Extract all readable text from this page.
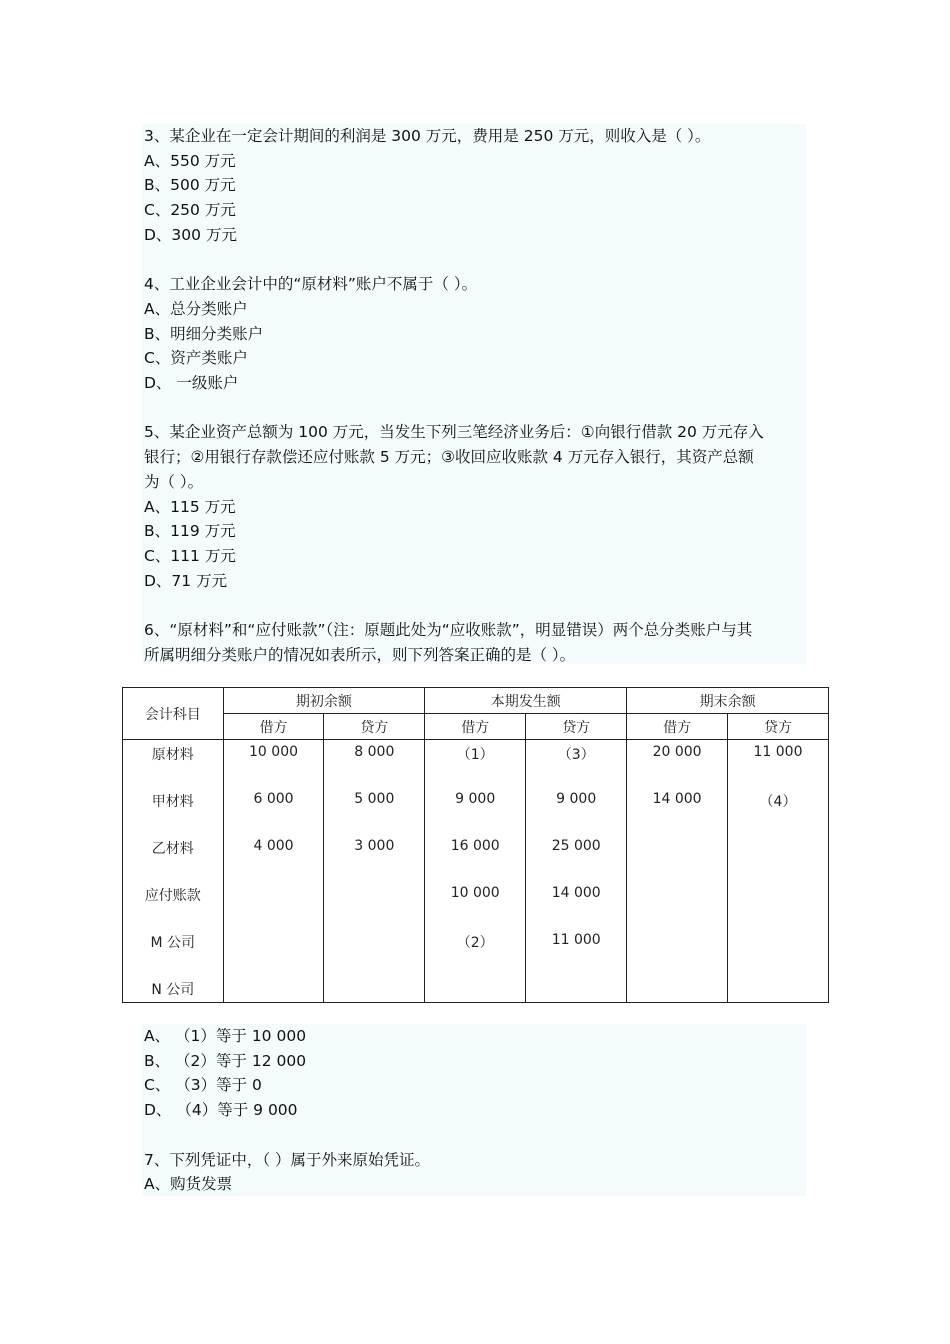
3、某企业在一定会计期间的利润是 300 万元，费用是 250 万元，则收入是（ ）。

A、550 万元

B、500 万元

C、250 万元

D、300 万元

4、工业企业会计中的“原材料”账户不属于（ ）。

A、总分类账户

B、明细分类账户

C、资产类账户

D、 一级账户

5、某企业资产总额为 100 万元，当发生下列三笔经济业务后：①向银行借款 20 万元存入

银行；②用银行存款偿还应付账款 5 万元；③收回应收账款 4 万元存入银行，其资产总额

为（ ）。

A、115 万元

B、119 万元

C、111 万元

D、71 万元

6、“原材料”和“应付账款”（注：原题此处为“应收账款”，明显错误）两个总分类账户与其

所属明细分类账户的情况如表所示，则下列答案正确的是（ ）。

会计科目	期初余额		本期发生额		期末余额	
	借方	贷方	借方	贷方	借方	贷方
原材料	10 000	8 000	（1）	（3）	20 000	11 000
甲材料	6 000	5 000	9 000	9 000	14 000	（4）
乙材料	4 000	3 000	16 000	25 000		
应付账款			10 000	14 000		
M 公司			（2）	11 000		
N 公司						

A、 （1）等于 10 000

B、 （2）等于 12 000

C、 （3）等于 0

D、 （4）等于 9 000

7、下列凭证中，（ ）属于外来原始凭证。

A、购货发票
